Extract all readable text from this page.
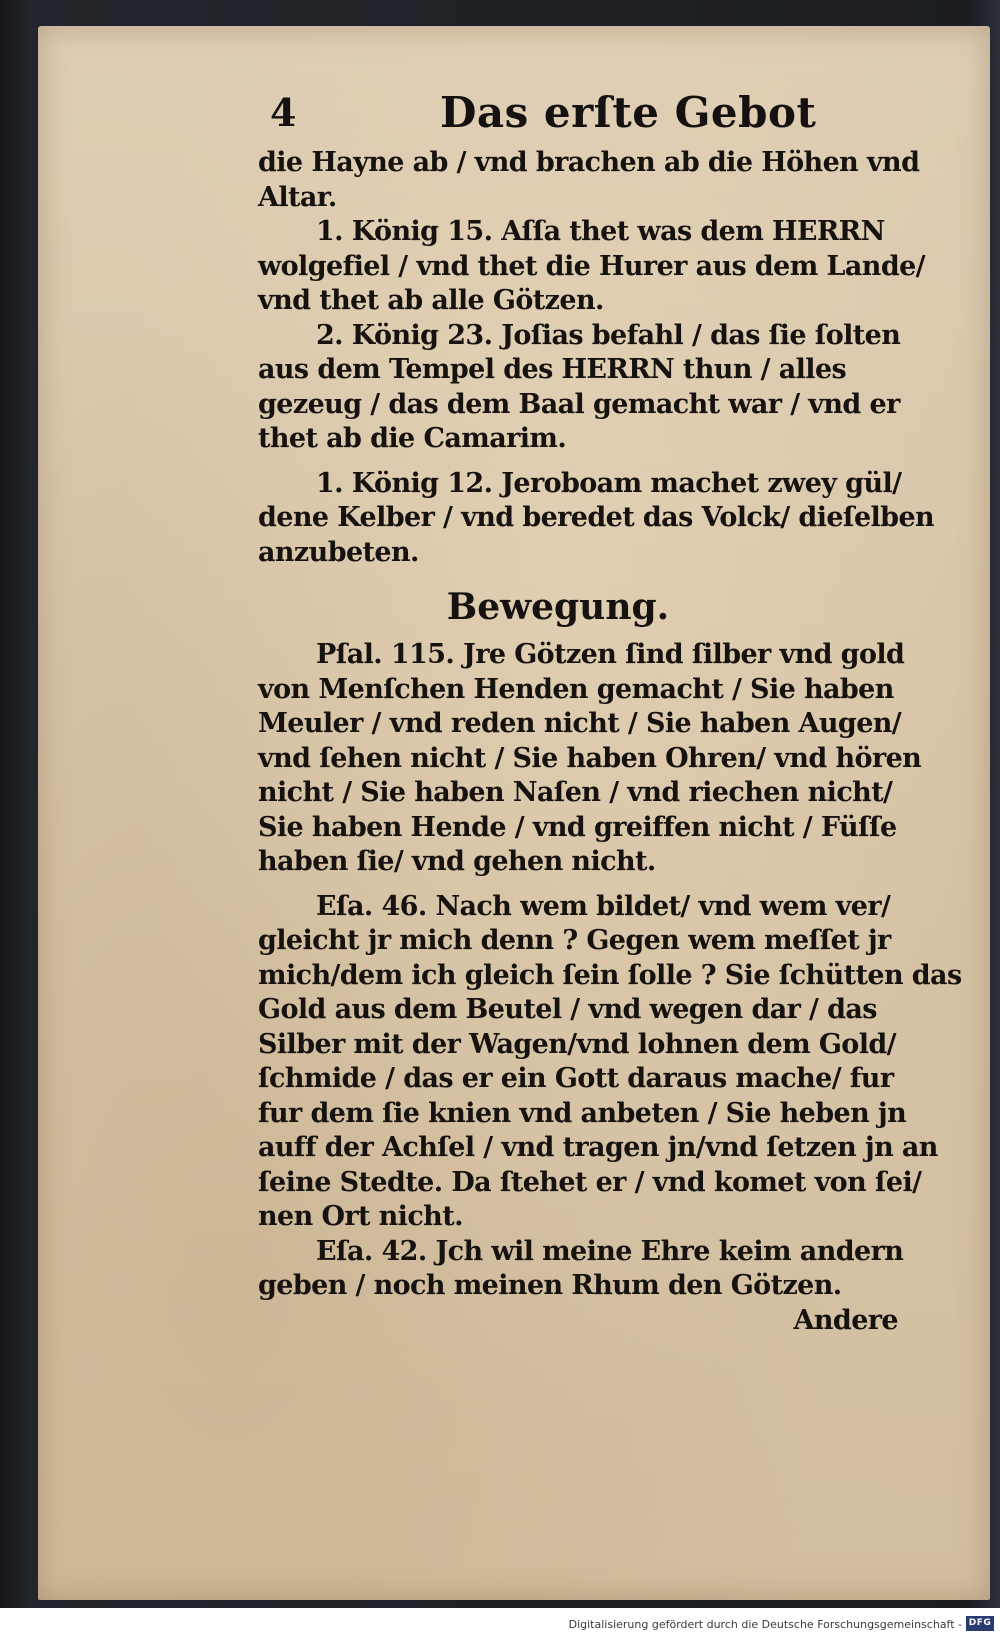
4	Das erſte Gebot
die Hayne ab / vnd brachen ab die Höhen vnd
Altar.
1. König 15. Aſſa thet was dem HERRN
wolgefiel / vnd thet die Hurer aus dem Lande/
vnd thet ab alle Götzen.
2. König 23. Joſias befahl / das ſie ſolten
aus dem Tempel des HERRN thun / alles
gezeug / das dem Baal gemacht war / vnd er
thet ab die Camarim.
1. König 12. Jeroboam machet zwey gül/
dene Kelber / vnd beredet das Volck/ dieſelben
anzubeten.
Bewegung.
Pſal. 115. Jre Götzen ſind ſilber vnd gold
von Menſchen Henden gemacht / Sie haben
Meuler / vnd reden nicht / Sie haben Augen/
vnd ſehen nicht / Sie haben Ohren/ vnd hören
nicht / Sie haben Naſen / vnd riechen nicht/
Sie haben Hende / vnd greiffen nicht / Füſſe
haben ſie/ vnd gehen nicht.
Eſa. 46. Nach wem bildet/ vnd wem ver/
gleicht jr mich denn ? Gegen wem meſſet jr
mich/dem ich gleich ſein ſolle ? Sie ſchütten das
Gold aus dem Beutel / vnd wegen dar / das
Silber mit der Wagen/vnd lohnen dem Gold/
ſchmide / das er ein Gott daraus mache/ fur
fur dem ſie knien vnd anbeten / Sie heben jn
auff der Achſel / vnd tragen jn/vnd ſetzen jn an
ſeine Stedte. Da ſtehet er / vnd komet von ſei/
nen Ort nicht.
Eſa. 42. Jch wil meine Ehre keim andern
geben / noch meinen Rhum den Götzen.
Andere
Digitalisierung gefördert durch die Deutsche Forschungsgemeinschaft - DFG
